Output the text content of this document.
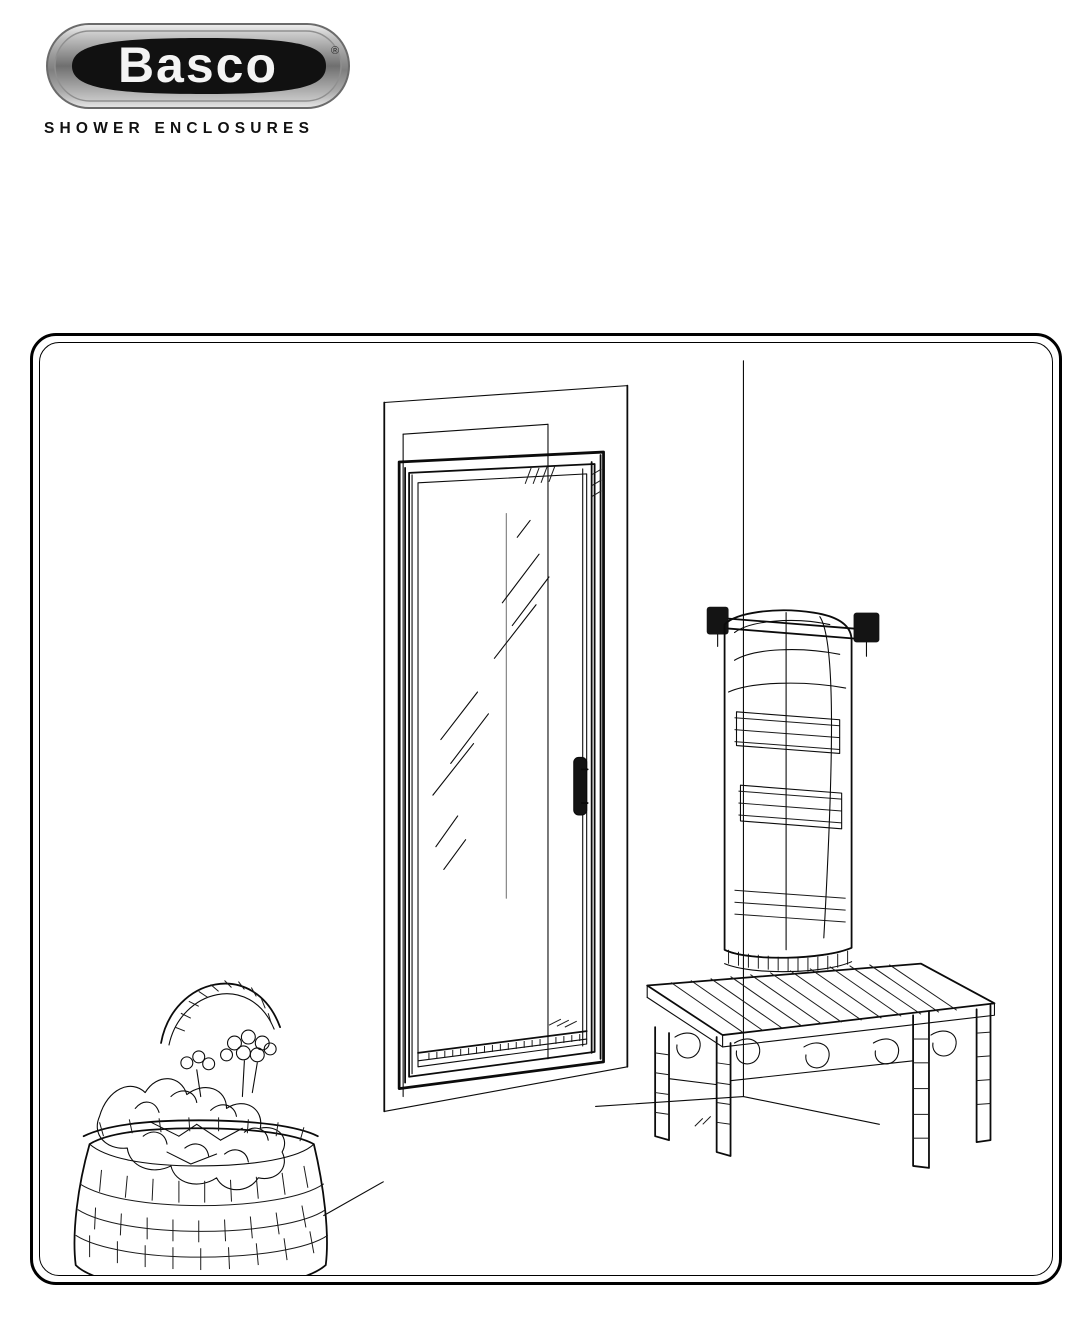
Basco	®
SHOWER ENCLOSURES
